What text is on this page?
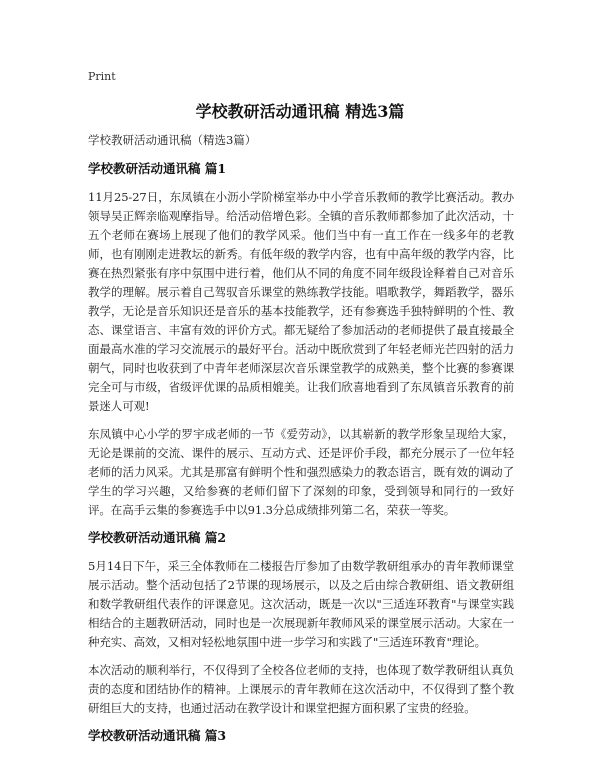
Print
学校教研活动通讯稿 精选3篇

学校教研活动通讯稿（精选3篇）

学校教研活动通讯稿 篇1

11月25-27日，东凤镇在小沥小学阶梯室举办中小学音乐教师的教学比赛活动。教办领导吴正辉亲临观摩指导。给活动倍增色彩。全镇的音乐教师都参加了此次活动，十五个老师在赛场上展现了他们的教学风采。他们当中有一直工作在一线多年的老教师，也有刚刚走进教坛的新秀。有低年级的教学内容，也有中高年级的教学内容，比赛在热烈紧张有序中氛围中进行着，他们从不同的角度不同年级段诠释着自己对音乐教学的理解。展示着自己驾驭音乐课堂的熟练教学技能。唱歌教学，舞蹈教学，器乐教学，无论是音乐知识还是音乐的基本技能教学，还有参赛选手独特鲜明的个性、教态、课堂语言、丰富有效的评价方式。都无疑给了参加活动的老师提供了最直接最全面最高水准的学习交流展示的最好平台。活动中既欣赏到了年轻老师光芒四射的活力朝气，同时也收获到了中青年老师深层次音乐课堂教学的成熟美，整个比赛的参赛课完全可与市级，省级评优课的品质相媲美。让我们欣喜地看到了东凤镇音乐教育的前景迷人可观!

东凤镇中心小学的罗宇成老师的一节《爱劳动》，以其崭新的教学形象呈现给大家，无论是课前的交流、课件的展示、互动方式、还是评价手段，都充分展示了一位年轻老师的活力风采。尤其是那富有鲜明个性和强烈感染力的教态语言，既有效的调动了学生的学习兴趣，又给参赛的老师们留下了深刻的印象，受到领导和同行的一致好评。在高手云集的参赛选手中以91.3分总成绩排列第二名，荣获一等奖。

学校教研活动通讯稿 篇2

5月14日下午，采三全体教师在二楼报告厅参加了由数学教研组承办的青年教师课堂展示活动。整个活动包括了2节课的现场展示，以及之后由综合教研组、语文教研组和数学教研组代表作的评课意见。这次活动，既是一次以"三适连环教育"与课堂实践相结合的主题教研活动，同时也是一次展现新年教师风采的课堂展示活动。大家在一种充实、高效，又相对轻松地氛围中进一步学习和实践了"三适连环教育"理论。

本次活动的顺利举行，不仅得到了全校各位老师的支持，也体现了数学教研组认真负责的态度和团结协作的精神。上课展示的青年教师在这次活动中，不仅得到了整个教研组巨大的支持，也通过活动在教学设计和课堂把握方面积累了宝贵的经验。

学校教研活动通讯稿 篇3
